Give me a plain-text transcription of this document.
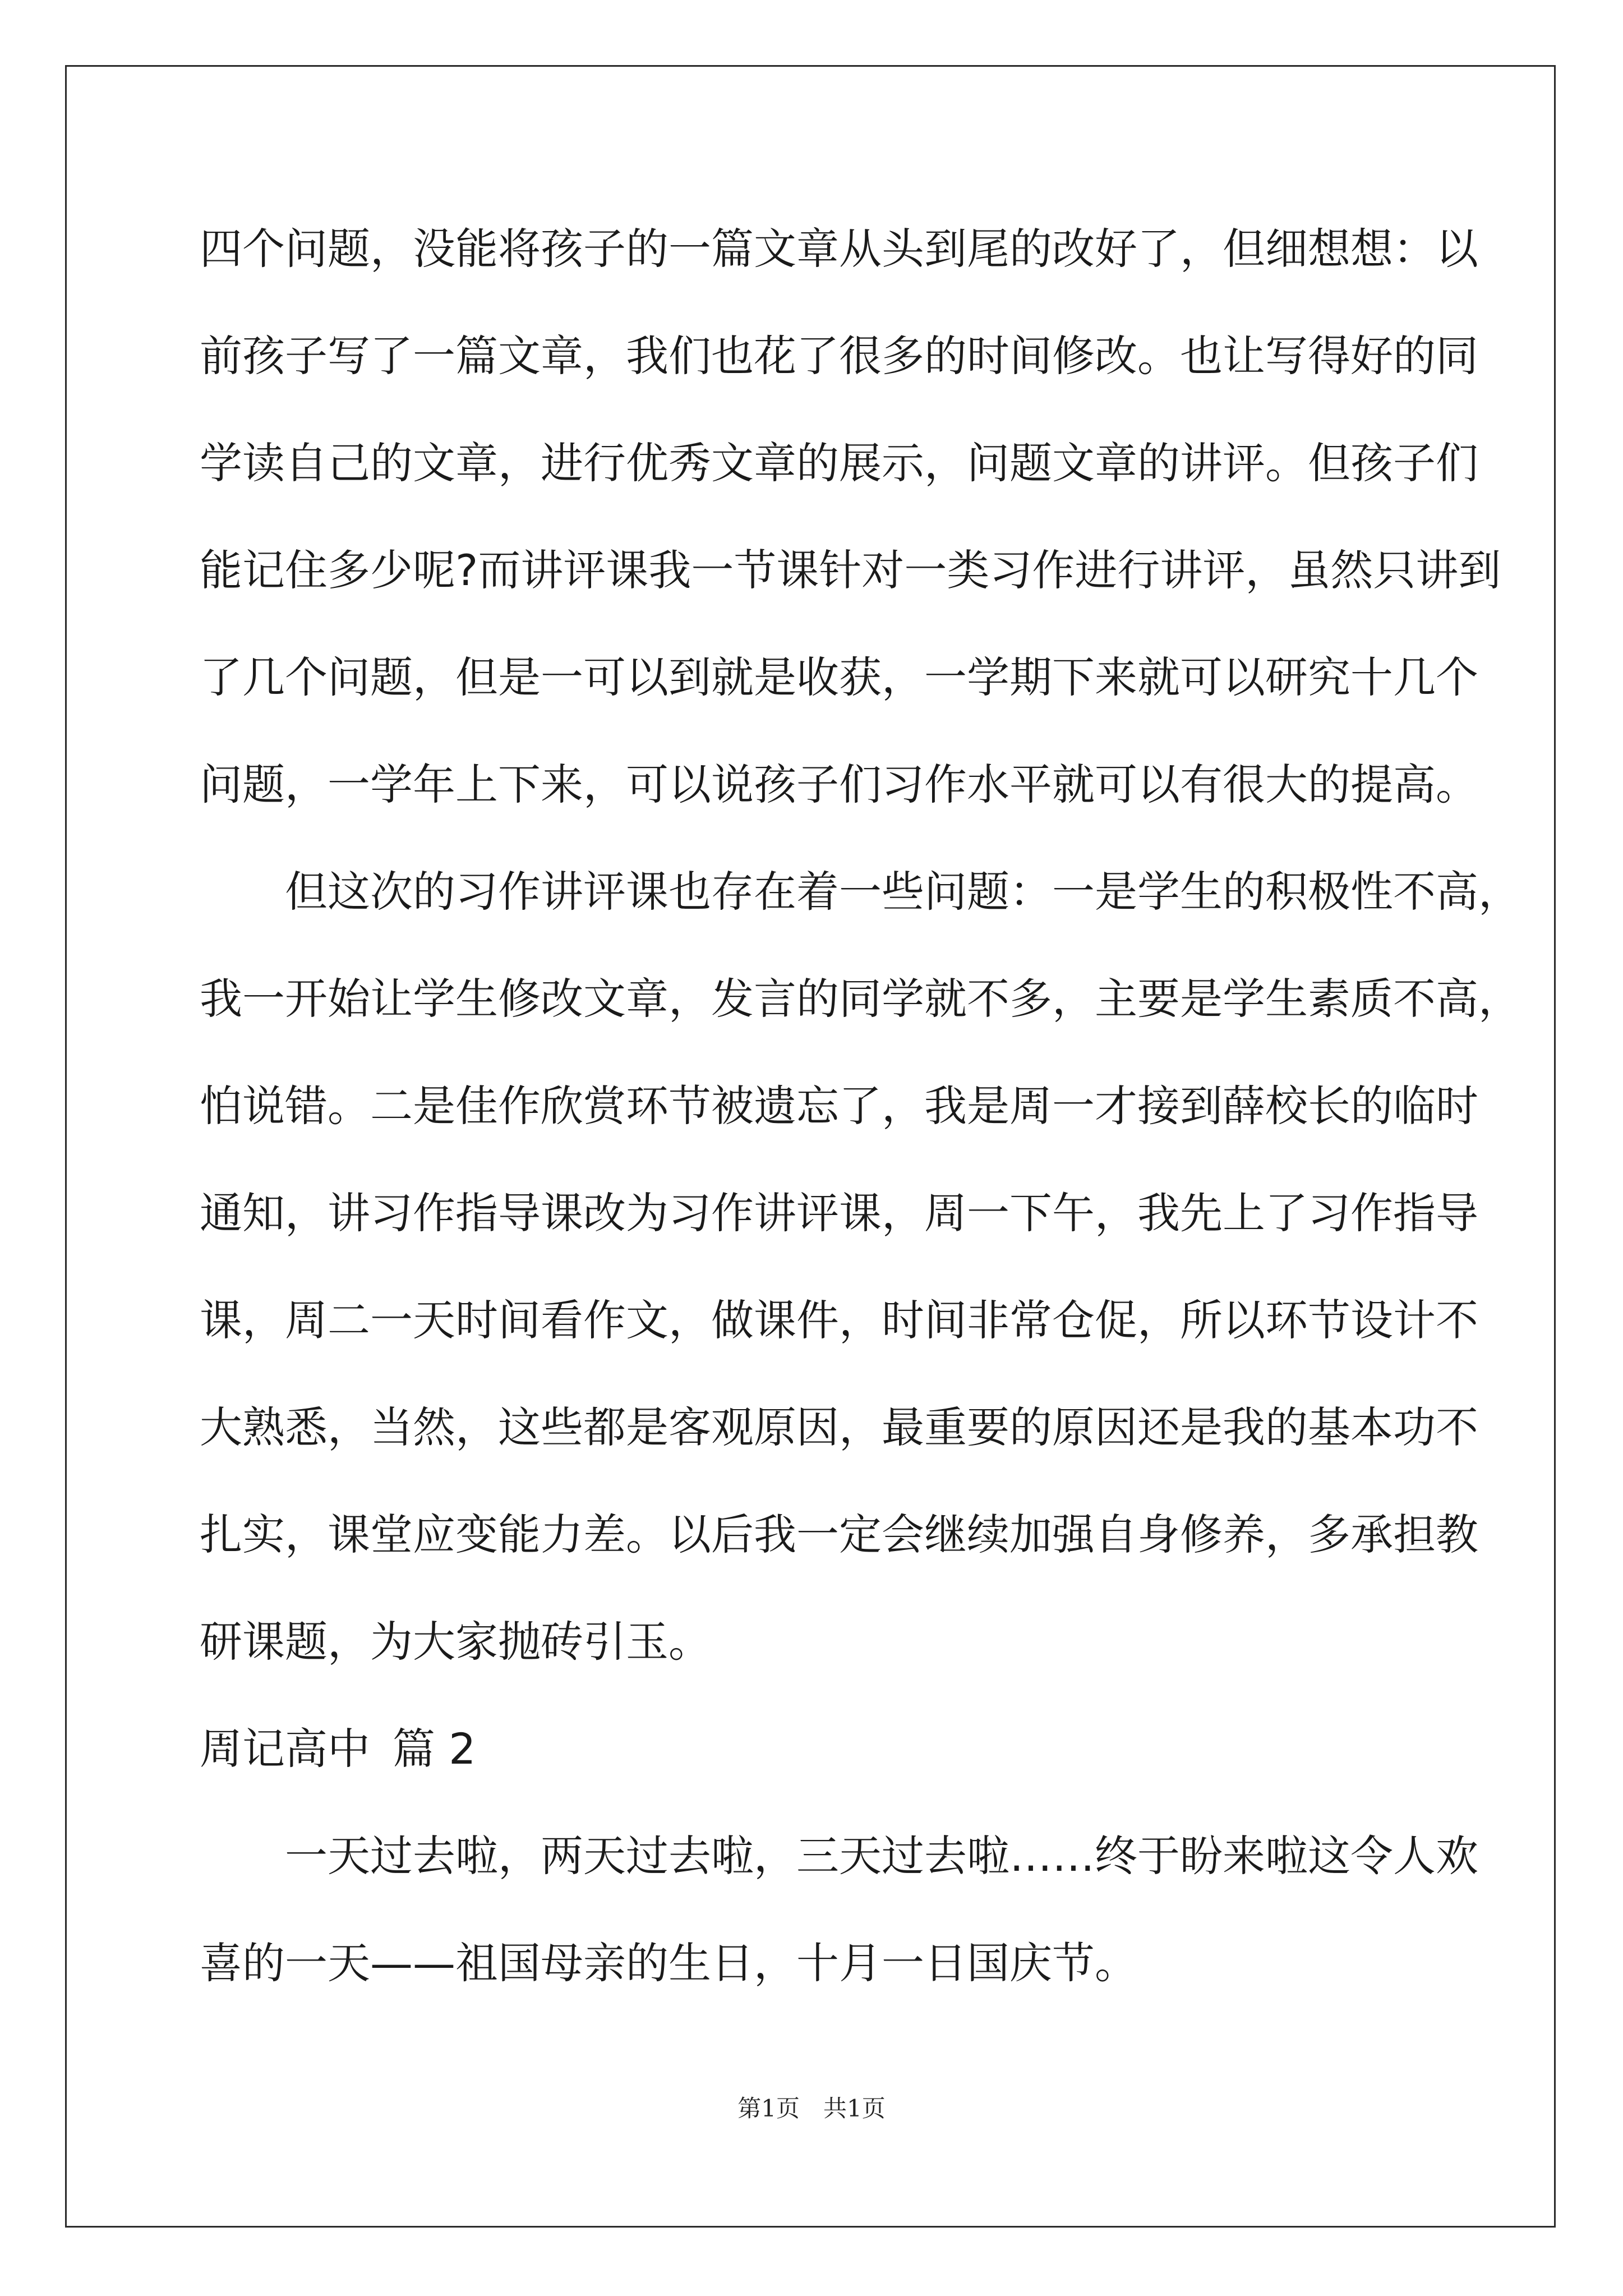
四个问题，没能将孩子的一篇文章从头到尾的改好了，但细想想：以
前孩子写了一篇文章，我们也花了很多的时间修改。也让写得好的同
学读自己的文章，进行优秀文章的展示，问题文章的讲评。但孩子们
能记住多少呢?而讲评课我一节课针对一类习作进行讲评，虽然只讲到
了几个问题，但是一可以到就是收获，一学期下来就可以研究十几个
问题，一学年上下来，可以说孩子们习作水平就可以有很大的提高。
但这次的习作讲评课也存在着一些问题：一是学生的积极性不高，
我一开始让学生修改文章，发言的同学就不多，主要是学生素质不高，
怕说错。二是佳作欣赏环节被遗忘了，我是周一才接到薛校长的临时
通知，讲习作指导课改为习作讲评课，周一下午，我先上了习作指导
课，周二一天时间看作文，做课件，时间非常仓促，所以环节设计不
大熟悉，当然，这些都是客观原因，最重要的原因还是我的基本功不
扎实，课堂应变能力差。以后我一定会继续加强自身修养，多承担教
研课题，为大家抛砖引玉。
周记高中 篇 2
一天过去啦，两天过去啦，三天过去啦……终于盼来啦这令人欢
喜的一天——祖国母亲的生日，十月一日国庆节。
第1页　共1页
